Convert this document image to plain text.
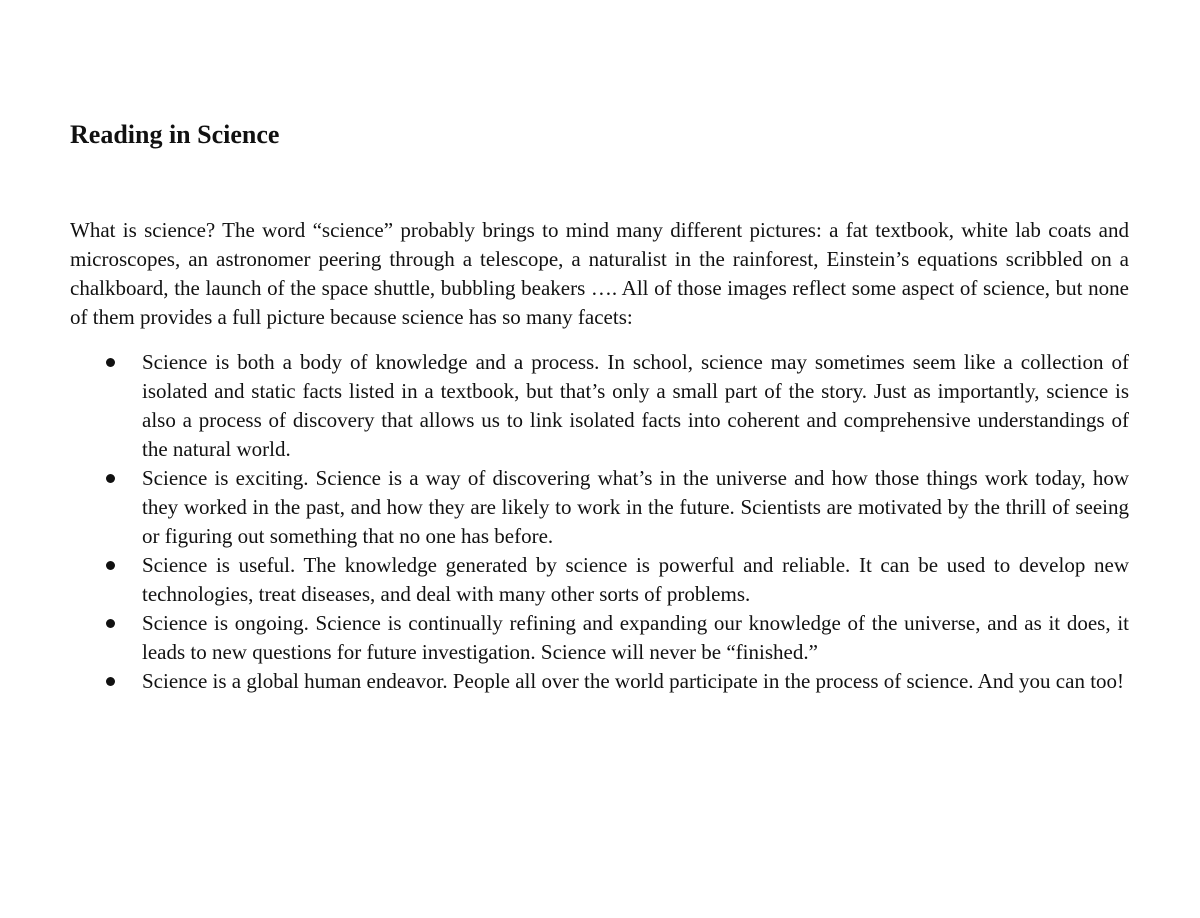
Reading in Science

What is science? The word “science” probably brings to mind many different pictures: a fat textbook, white lab coats and microscopes, an astronomer peering through a telescope, a naturalist in the rainforest, Einstein’s equations scribbled on a chalkboard, the launch of the space shuttle, bubbling beakers …. All of those images reflect some aspect of science, but none of them provides a full picture because science has so many facets:

Science is both a body of knowledge and a process. In school, science may sometimes seem like a collection of isolated and static facts listed in a textbook, but that’s only a small part of the story. Just as importantly, science is also a process of discovery that allows us to link isolated facts into coherent and comprehensive understandings of the natural world.
Science is exciting. Science is a way of discovering what’s in the universe and how those things work today, how they worked in the past, and how they are likely to work in the future. Scientists are motivated by the thrill of seeing or figuring out something that no one has before.
Science is useful. The knowledge generated by science is powerful and reliable. It can be used to develop new technologies, treat diseases, and deal with many other sorts of problems.
Science is ongoing. Science is continually refining and expanding our knowledge of the universe, and as it does, it leads to new questions for future investigation. Science will never be “finished.”
Science is a global human endeavor. People all over the world participate in the process of science. And you can too!
